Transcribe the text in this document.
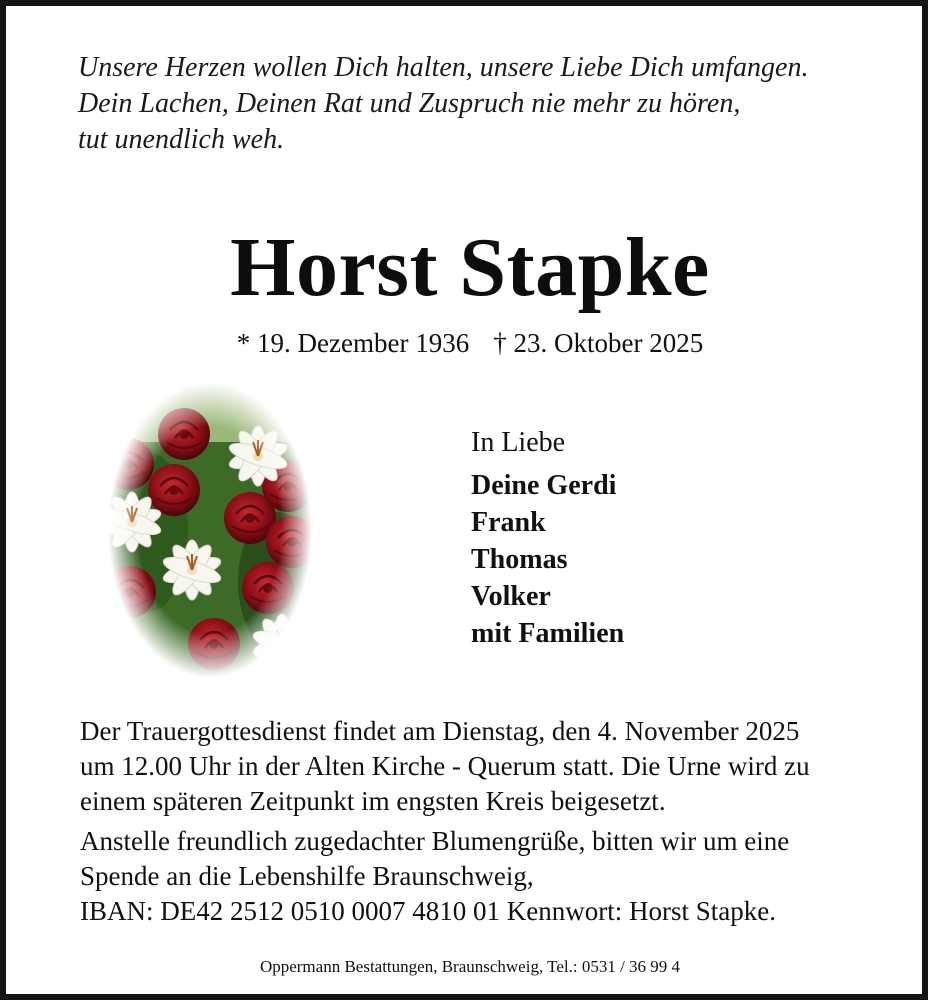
Unsere Herzen wollen Dich halten, unsere Liebe Dich umfangen.
Dein Lachen, Deinen Rat und Zuspruch nie mehr zu hören,
tut unendlich weh.
Horst Stapke
* 19. Dezember 1936 † 23. Oktober 2025
In Liebe
Deine Gerdi
Frank
Thomas
Volker
mit Familien
Der Trauergottesdienst findet am Dienstag, den 4. November 2025
um 12.00 Uhr in der Alten Kirche - Querum statt. Die Urne wird zu
einem späteren Zeitpunkt im engsten Kreis beigesetzt.
Anstelle freundlich zugedachter Blumengrüße, bitten wir um eine
Spende an die Lebenshilfe Braunschweig,
IBAN: DE42 2512 0510 0007 4810 01 Kennwort: Horst Stapke.
Oppermann Bestattungen, Braunschweig, Tel.: 0531 / 36 99 4
